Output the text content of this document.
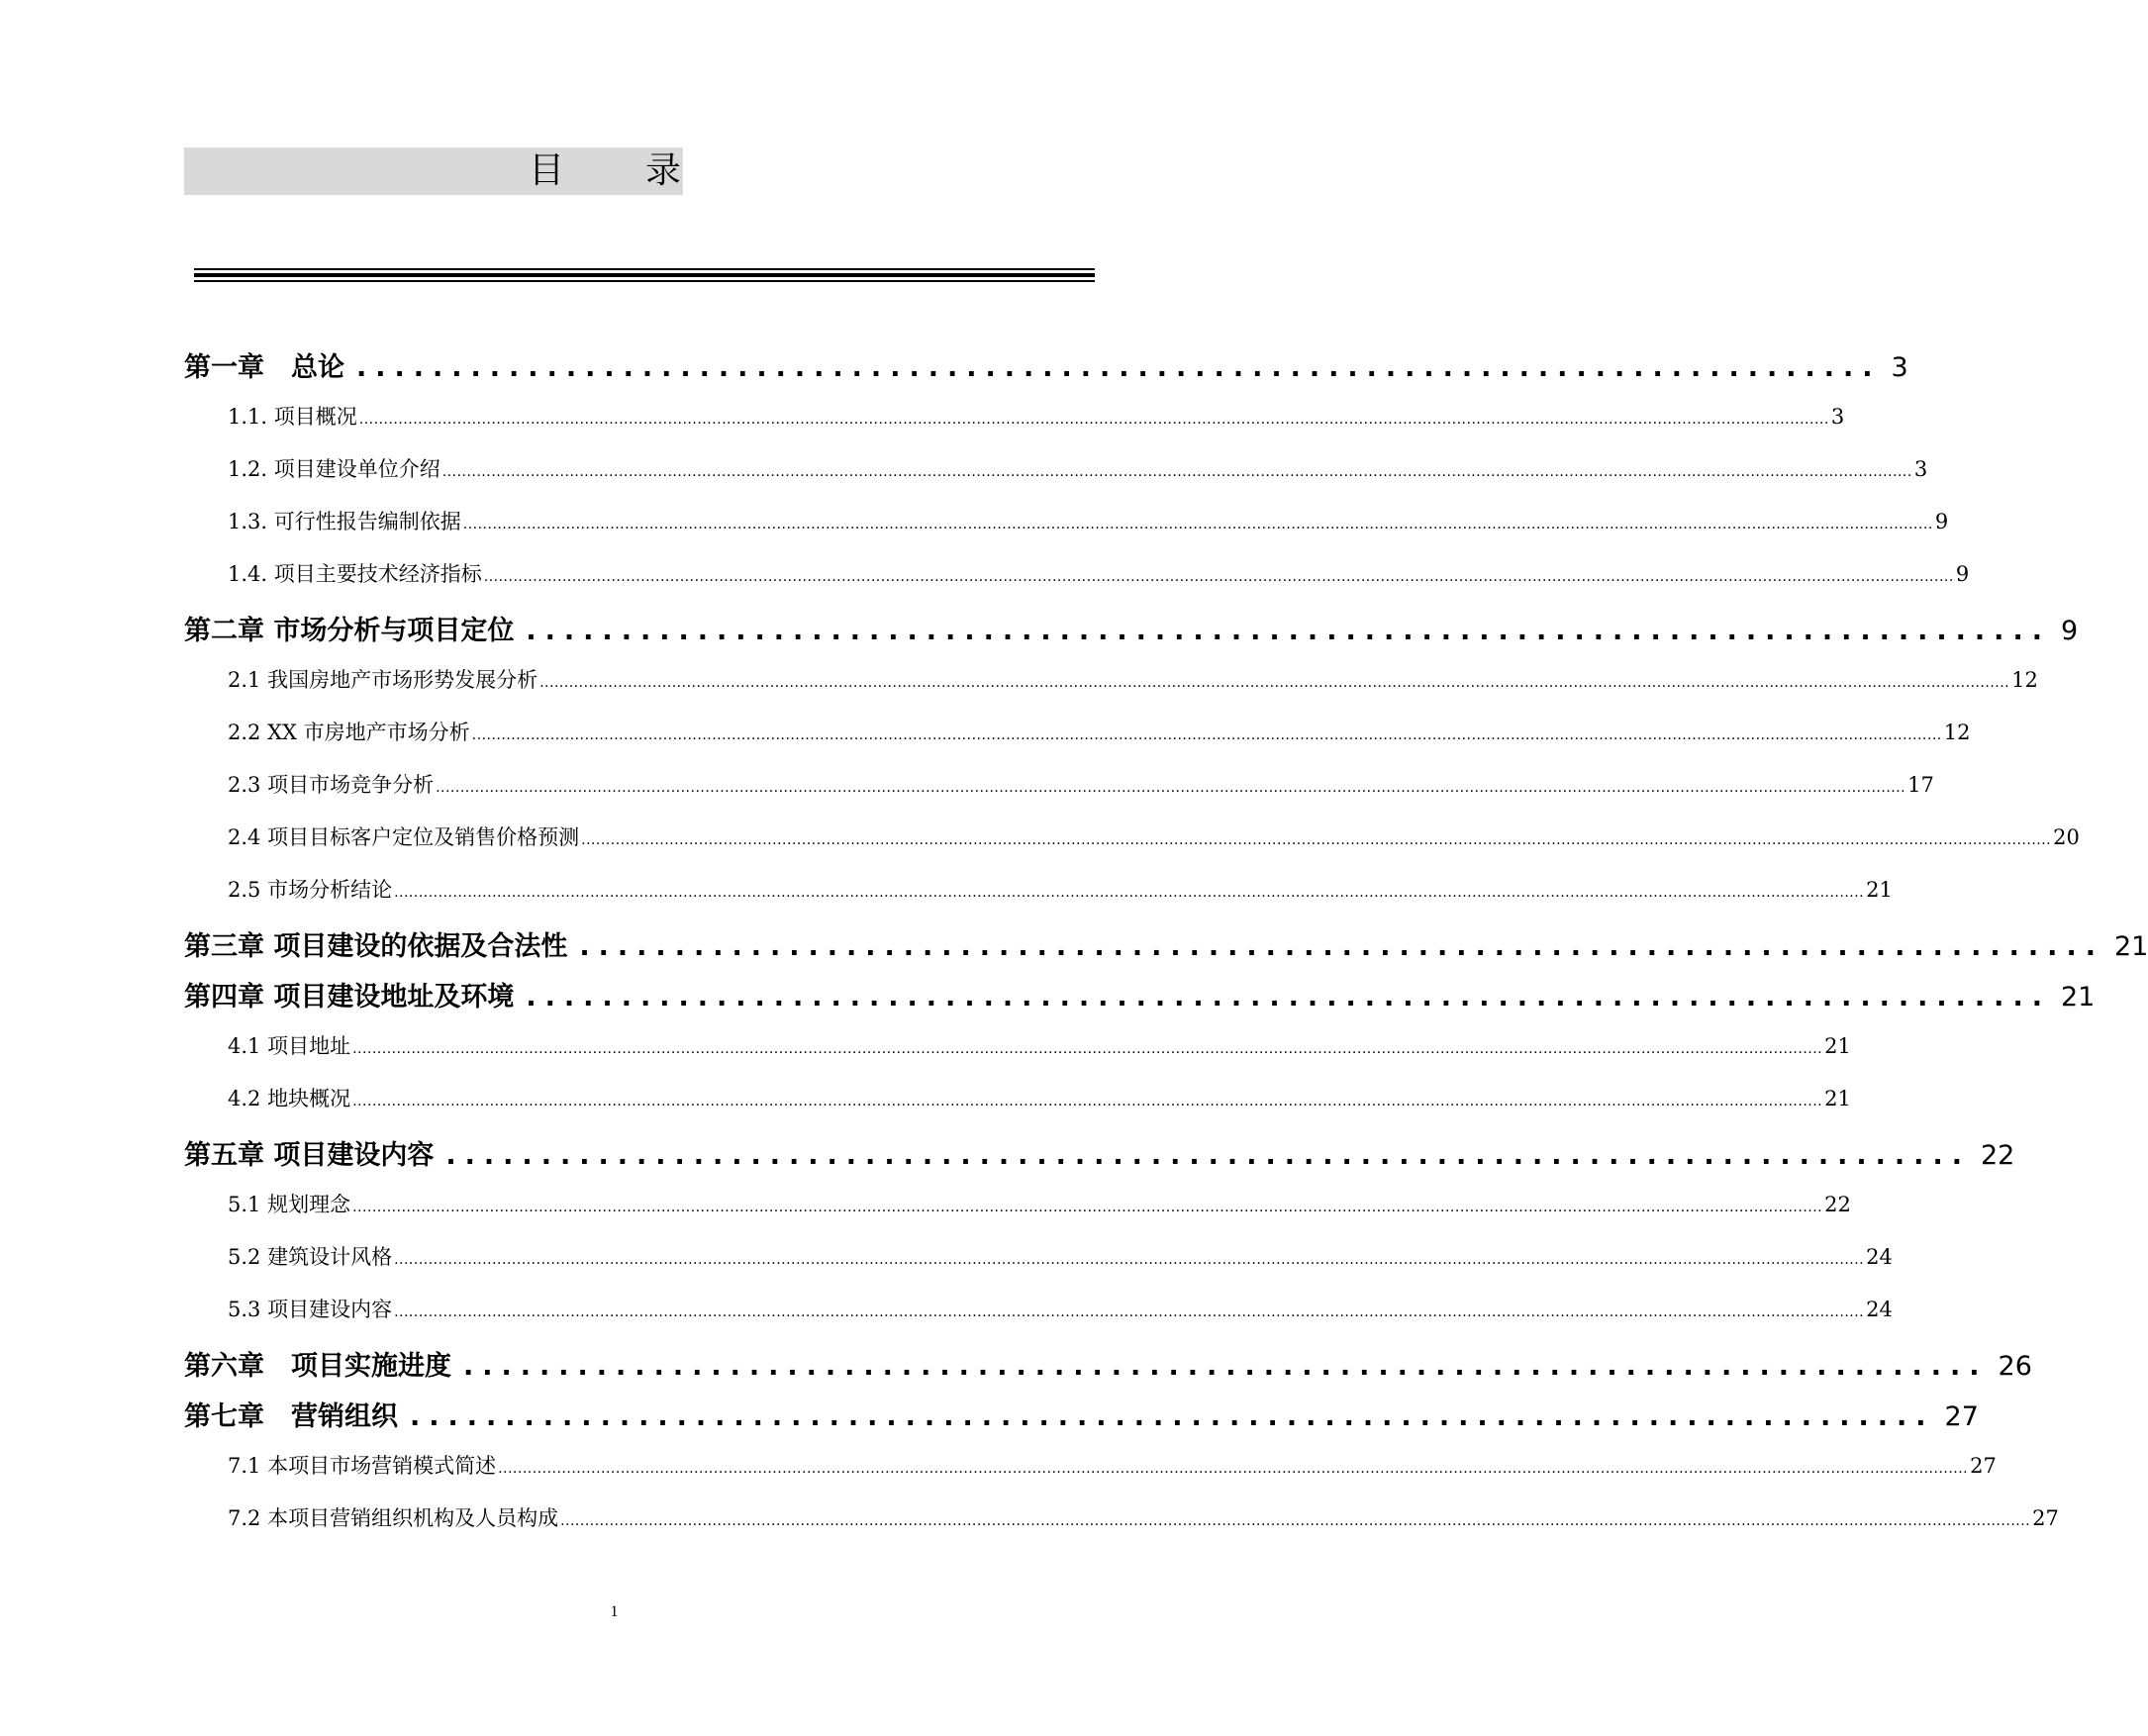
目 录
第一章　总论 ................................................................................ 3
1.1. 项目概况 ............................................................................................................................................................................................................................................................................................................ 3
1.2. 项目建设单位介绍 ............................................................................................................................................................................................................................................................................................................ 3
1.3. 可行性报告编制依据 ............................................................................................................................................................................................................................................................................................................ 9
1.4. 项目主要技术经济指标 ............................................................................................................................................................................................................................................................................................................ 9
第二章 市场分析与项目定位 ................................................................................ 9
2.1 我国房地产市场形势发展分析 ............................................................................................................................................................................................................................................................................................................ 12
2.2 XX 市房地产市场分析 ............................................................................................................................................................................................................................................................................................................ 12
2.3 项目市场竞争分析 ............................................................................................................................................................................................................................................................................................................ 17
2.4 项目目标客户定位及销售价格预测 ............................................................................................................................................................................................................................................................................................................ 20
2.5 市场分析结论 ............................................................................................................................................................................................................................................................................................................ 21
第三章 项目建设的依据及合法性 ................................................................................ 21
第四章 项目建设地址及环境 ................................................................................ 21
4.1 项目地址 ............................................................................................................................................................................................................................................................................................................ 21
4.2 地块概况 ............................................................................................................................................................................................................................................................................................................ 21
第五章 项目建设内容 ................................................................................ 22
5.1 规划理念 ............................................................................................................................................................................................................................................................................................................ 22
5.2 建筑设计风格 ............................................................................................................................................................................................................................................................................................................ 24
5.3 项目建设内容 ............................................................................................................................................................................................................................................................................................................ 24
第六章　项目实施进度 ................................................................................ 26
第七章　营销组织 ................................................................................ 27
7.1 本项目市场营销模式简述 ............................................................................................................................................................................................................................................................................................................ 27
7.2 本项目营销组织机构及人员构成 ............................................................................................................................................................................................................................................................................................................ 27
1
